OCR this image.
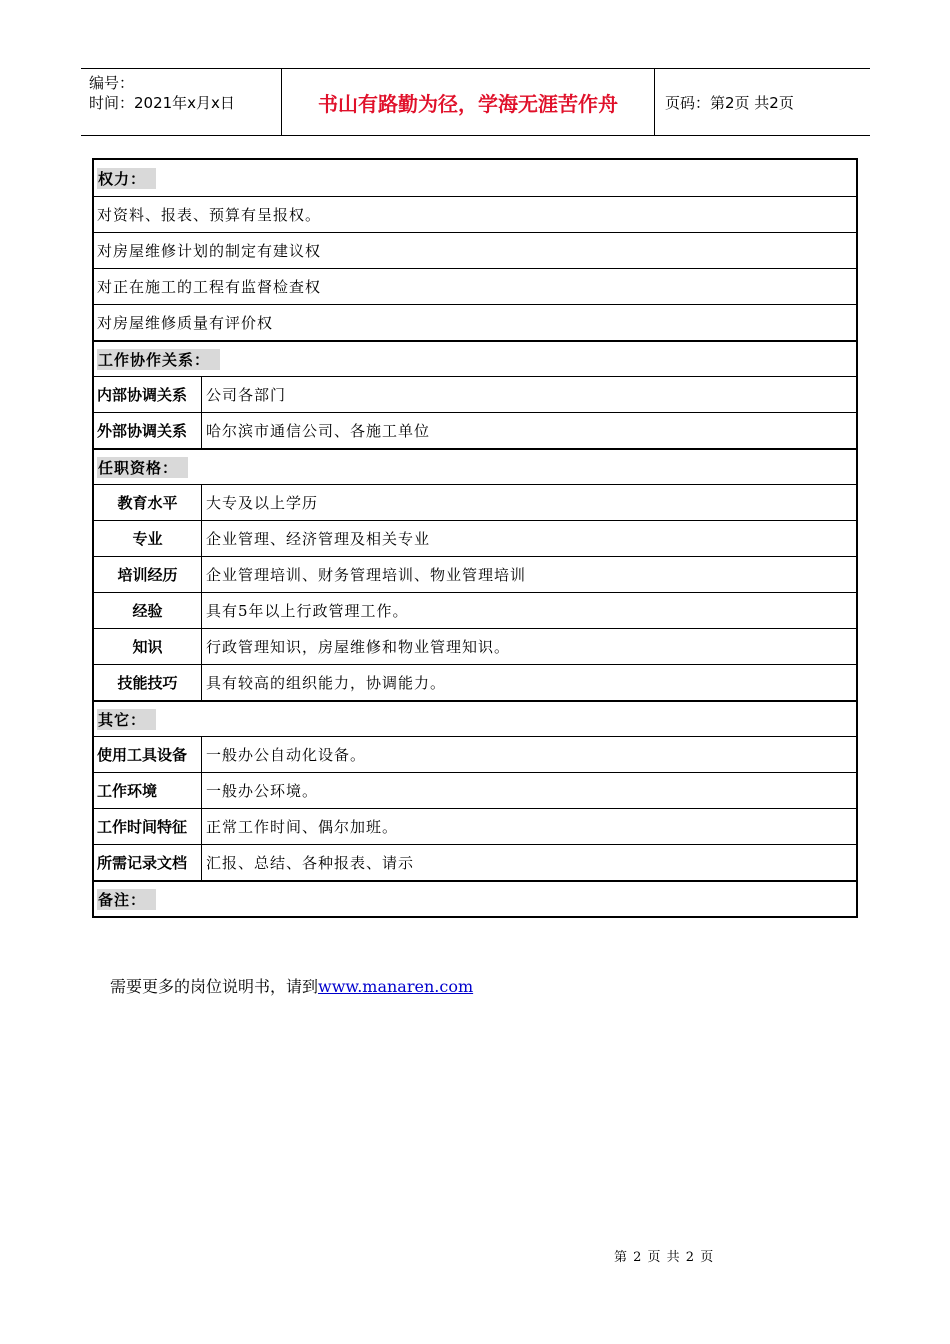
编号：
时间：2021年x月x日	书山有路勤为径，学海无涯苦作舟	页码：第2页 共2页
权力：
对资料、报表、预算有呈报权。
对房屋维修计划的制定有建议权
对正在施工的工程有监督检查权
对房屋维修质量有评价权
工作协作关系：
内部协调关系	公司各部门
外部协调关系	哈尔滨市通信公司、各施工单位
任职资格：
教育水平	大专及以上学历
专业	企业管理、经济管理及相关专业
培训经历	企业管理培训、财务管理培训、物业管理培训
经验	具有5年以上行政管理工作。
知识	行政管理知识，房屋维修和物业管理知识。
技能技巧	具有较高的组织能力，协调能力。
其它：
使用工具设备	一般办公自动化设备。
工作环境	一般办公环境。
工作时间特征	正常工作时间、偶尔加班。
所需记录文档	汇报、总结、各种报表、请示
备注：
需要更多的岗位说明书，请到www.manaren.com
第 2 页 共 2 页
